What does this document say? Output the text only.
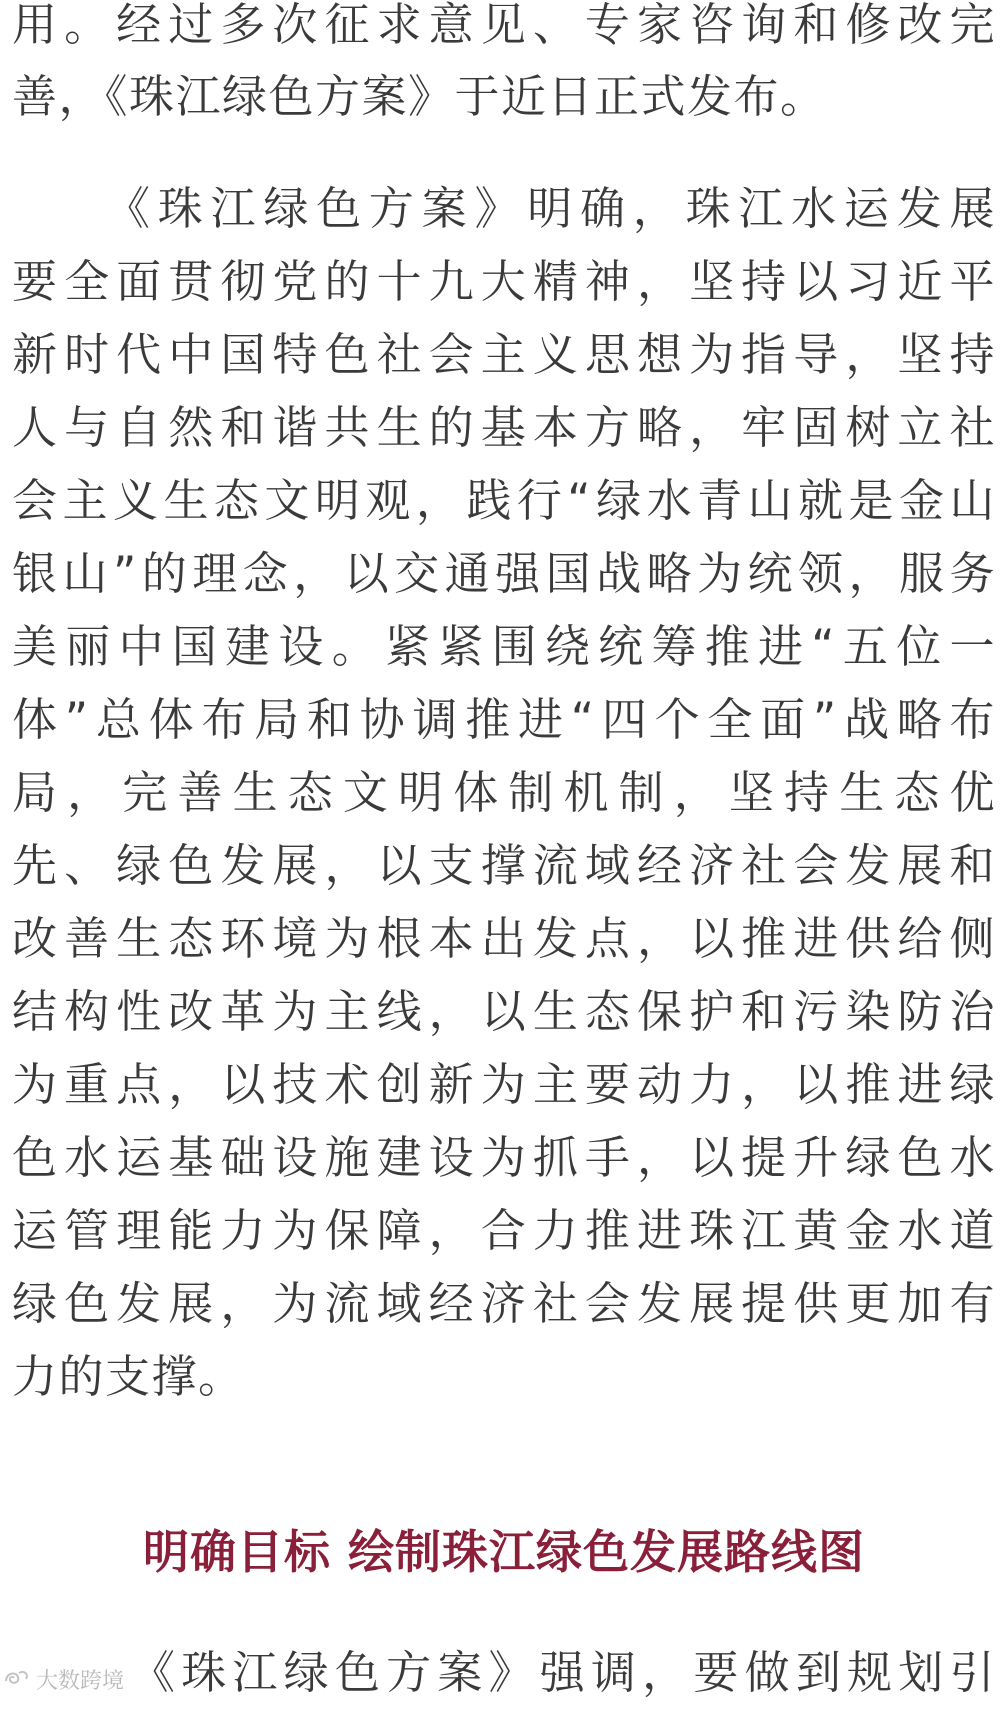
用。经过多次征求意见、专家咨询和修改完
善，《珠江绿色方案》于近日正式发布。
《珠江绿色方案》明确，珠江水运发展
要全面贯彻党的十九大精神，坚持以习近平
新时代中国特色社会主义思想为指导，坚持
人与自然和谐共生的基本方略，牢固树立社
会主义生态文明观，践行“绿水青山就是金山
银山”的理念，以交通强国战略为统领，服务
美丽中国建设。紧紧围绕统筹推进“五位一
体”总体布局和协调推进“四个全面”战略布
局，完善生态文明体制机制，坚持生态优
先、绿色发展，以支撑流域经济社会发展和
改善生态环境为根本出发点，以推进供给侧
结构性改革为主线，以生态保护和污染防治
为重点，以技术创新为主要动力，以推进绿
色水运基础设施建设为抓手，以提升绿色水
运管理能力为保障，合力推进珠江黄金水道
绿色发展，为流域经济社会发展提供更加有
力的支撑。
明确目标 绘制珠江绿色发展路线图
《珠江绿色方案》强调，要做到规划引
大数跨境
